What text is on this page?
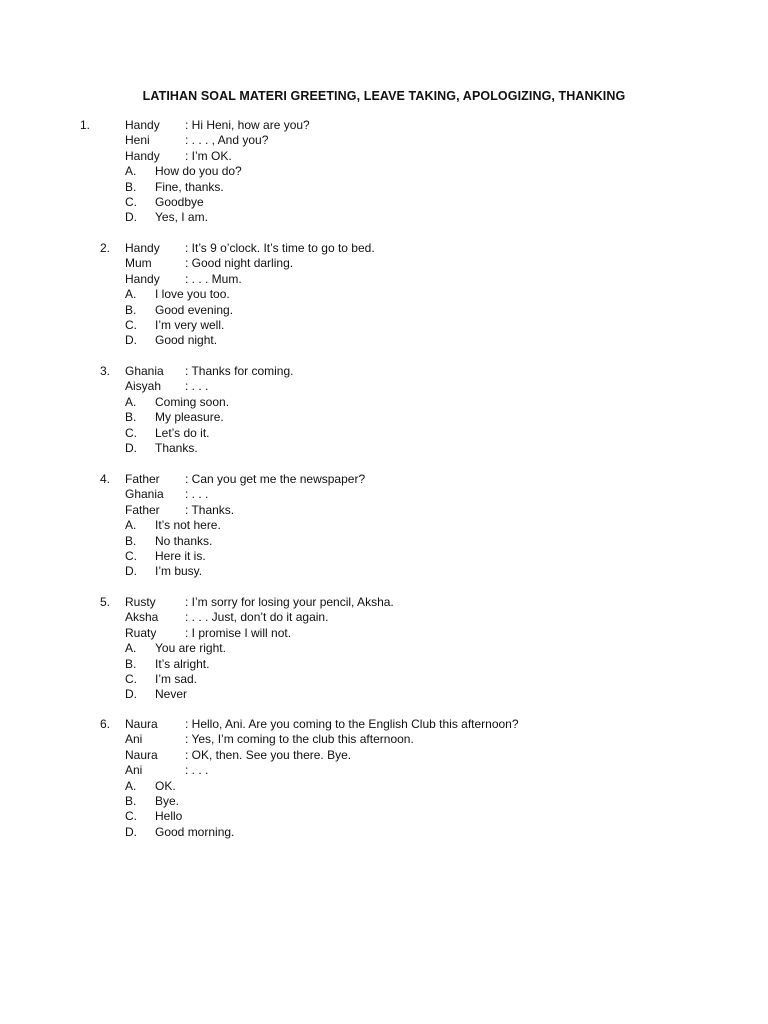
LATIHAN SOAL MATERI GREETING, LEAVE TAKING, APOLOGIZING, THANKING
1.	Handy : Hi Heni, how are you?
Heni	: . . . , And you?
Handy : I’m OK.
A. How do you do?
B. Fine, thanks.
C. Goodbye
D. Yes, I am.
2. Handy : It’s 9 o’clock. It’s time to go to bed.
Mum	: Good night darling.
Handy : . . . Mum.
A. I love you too.
B. Good evening.
C. I’m very well.
D. Good night.
3. Ghania : Thanks for coming.
Aisyah : . . .
A. Coming soon.
B. My pleasure.
C. Let’s do it.
D. Thanks.
4. Father : Can you get me the newspaper?
Ghania : . . .
Father : Thanks.
A. It’s not here.
B. No thanks.
C. Here it is.
D. I’m busy.
5. Rusty : I’m sorry for losing your pencil, Aksha.
Aksha : . . . Just, don’t do it again.
Ruaty : I promise I will not.
A. You are right.
B. It’s alright.
C. I’m sad.
D. Never
6. Naura : Hello, Ani. Are you coming to the English Club this afternoon?
Ani	: Yes, I’m coming to the club this afternoon.
Naura : OK, then. See you there. Bye.
Ani	: . . .
A. OK.
B. Bye.
C. Hello
D. Good morning.
